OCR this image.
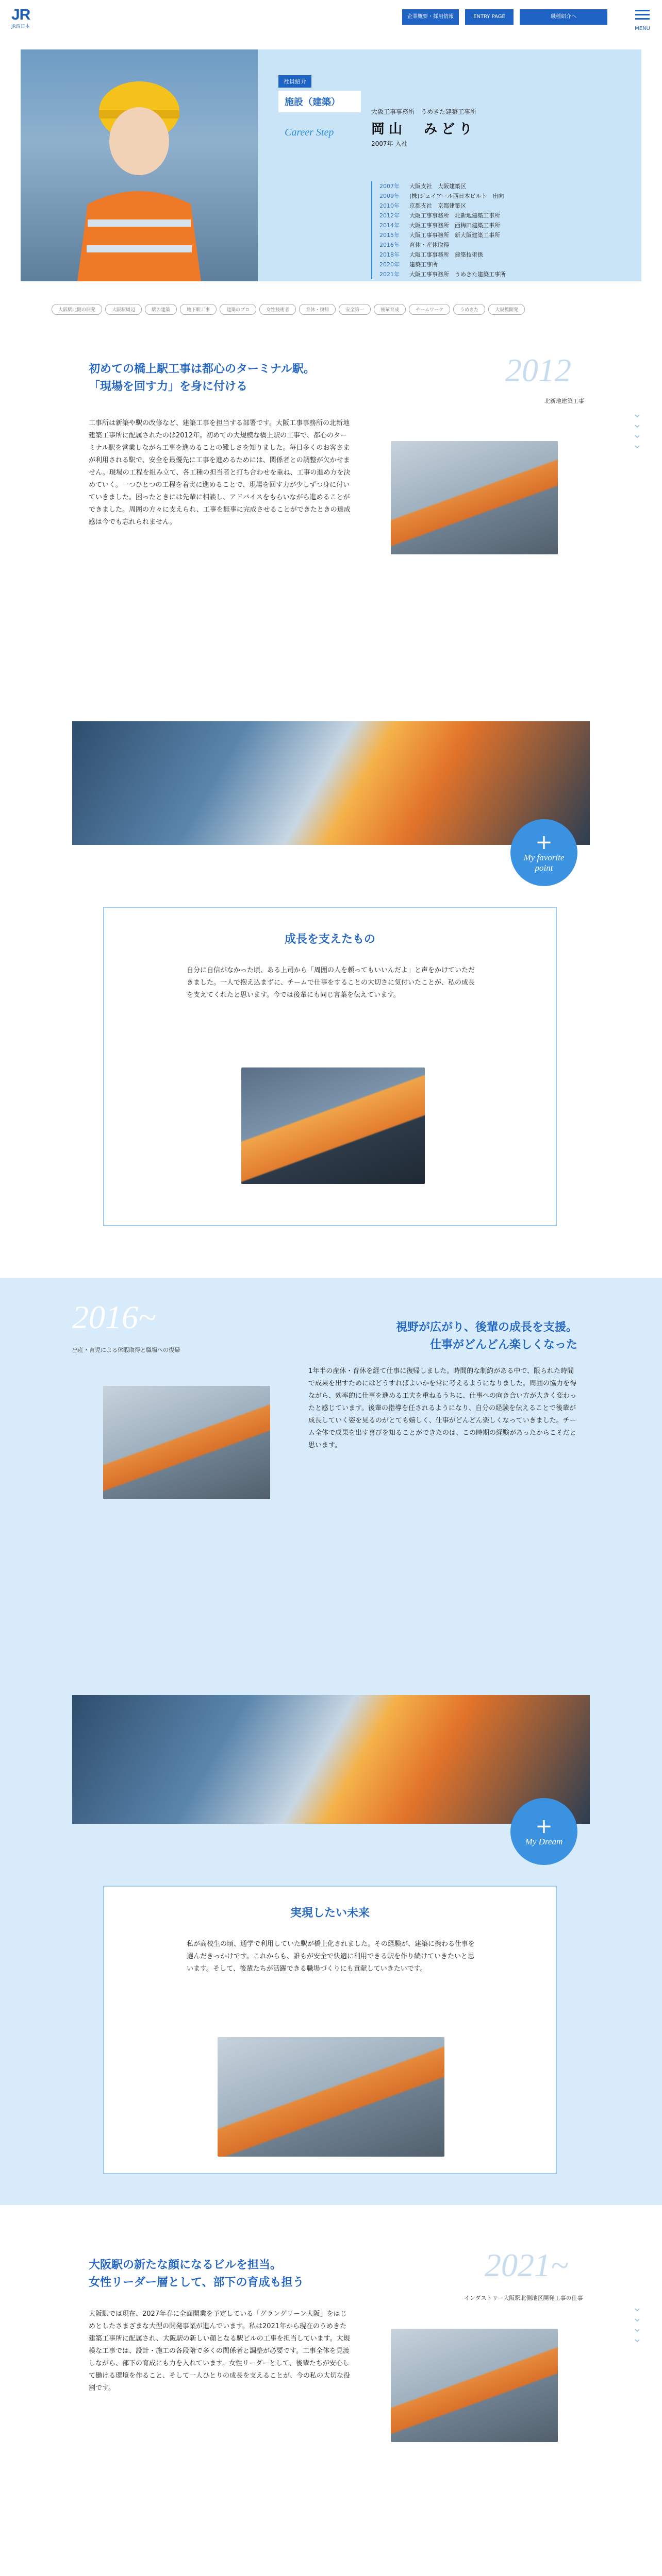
JR
JR西日本
企業概要・採用情報	ENTRY PAGE	職種紹介へ
MENU
社員紹介
施設（建築）
Career Step
大阪工事事務所　うめきた建築工事所
岡山　みどり
2007年 入社
2007年	大阪支社　大阪建築区
2009年	(株)ジェイアール西日本ビルト　出向
2010年	京都支社　京都建築区
2012年	大阪工事事務所　北新地建築工事所
2014年	大阪工事事務所　西梅田建築工事所
2015年	大阪工事事務所　新大阪建築工事所
2016年	育休・産休取得
2018年	大阪工事事務所　建築技術係
2020年	建築工事所
2021年	大阪工事事務所　うめきた建築工事所
大阪駅北側の開発	大阪駅周辺	駅の建築	地下駅工事	建築のプロ	女性技術者	育休・復帰	安全第一	後輩育成	チームワーク	うめきた	大規模開発
初めての橋上駅工事は都心のターミナル駅。
「現場を回す力」を身に付ける	2012
北新地建築工事
⌄
⌄
⌄
⌄
工事所は新築や駅の改修など、建築工事を担当する部署です。大阪工事事務所の北新地建築工事所に配属されたのは2012年。初めての大規模な橋上駅の工事で、都心のターミナル駅を営業しながら工事を進めることの難しさを知りました。毎日多くのお客さまが利用される駅で、安全を最優先に工事を進めるためには、関係者との調整が欠かせません。現場の工程を組み立て、各工種の担当者と打ち合わせを重ね、工事の進め方を決めていく。一つひとつの工程を着実に進めることで、現場を回す力が少しずつ身に付いていきました。困ったときには先輩に相談し、アドバイスをもらいながら進めることができました。周囲の方々に支えられ、工事を無事に完成させることができたときの達成感は今でも忘れられません。
+
My favorite
point
成長を支えたもの
自分に自信がなかった頃、ある上司から「周囲の人を頼ってもいいんだよ」と声をかけていただきました。一人で抱え込まずに、チームで仕事をすることの大切さに気付いたことが、私の成長を支えてくれたと思います。今では後輩にも同じ言葉を伝えています。
2016~
出産・育児による休暇取得と職場への復帰
視野が広がり、後輩の成長を支援。
仕事がどんどん楽しくなった
1年半の産休・育休を経て仕事に復帰しました。時間的な制約がある中で、限られた時間で成果を出すためにはどうすればよいかを常に考えるようになりました。周囲の協力を得ながら、効率的に仕事を進める工夫を重ねるうちに、仕事への向き合い方が大きく変わったと感じています。後輩の指導を任されるようになり、自分の経験を伝えることで後輩が成長していく姿を見るのがとても嬉しく、仕事がどんどん楽しくなっていきました。チーム全体で成果を出す喜びを知ることができたのは、この時期の経験があったからこそだと思います。
+
My Dream
実現したい未来
私が高校生の頃、通学で利用していた駅が橋上化されました。その経験が、建築に携わる仕事を選んだきっかけです。これからも、誰もが安全で快適に利用できる駅を作り続けていきたいと思います。そして、後輩たちが活躍できる職場づくりにも貢献していきたいです。
大阪駅の新たな顔になるビルを担当。
女性リーダー層として、部下の育成も担う	2021~
インダストリー大阪駅北側地区開発工事の仕事
⌄
⌄
⌄
⌄
大阪駅では現在、2027年春に全面開業を予定している「グラングリーン大阪」をはじめとしたさまざまな大型の開発事業が進んでいます。私は2021年から現在のうめきた建築工事所に配属され、大阪駅の新しい顔となる駅ビルの工事を担当しています。大規模な工事では、設計・施工の各段階で多くの関係者と調整が必要です。工事全体を見渡しながら、部下の育成にも力を入れています。女性リーダーとして、後輩たちが安心して働ける環境を作ること、そして一人ひとりの成長を支えることが、今の私の大切な役割です。
